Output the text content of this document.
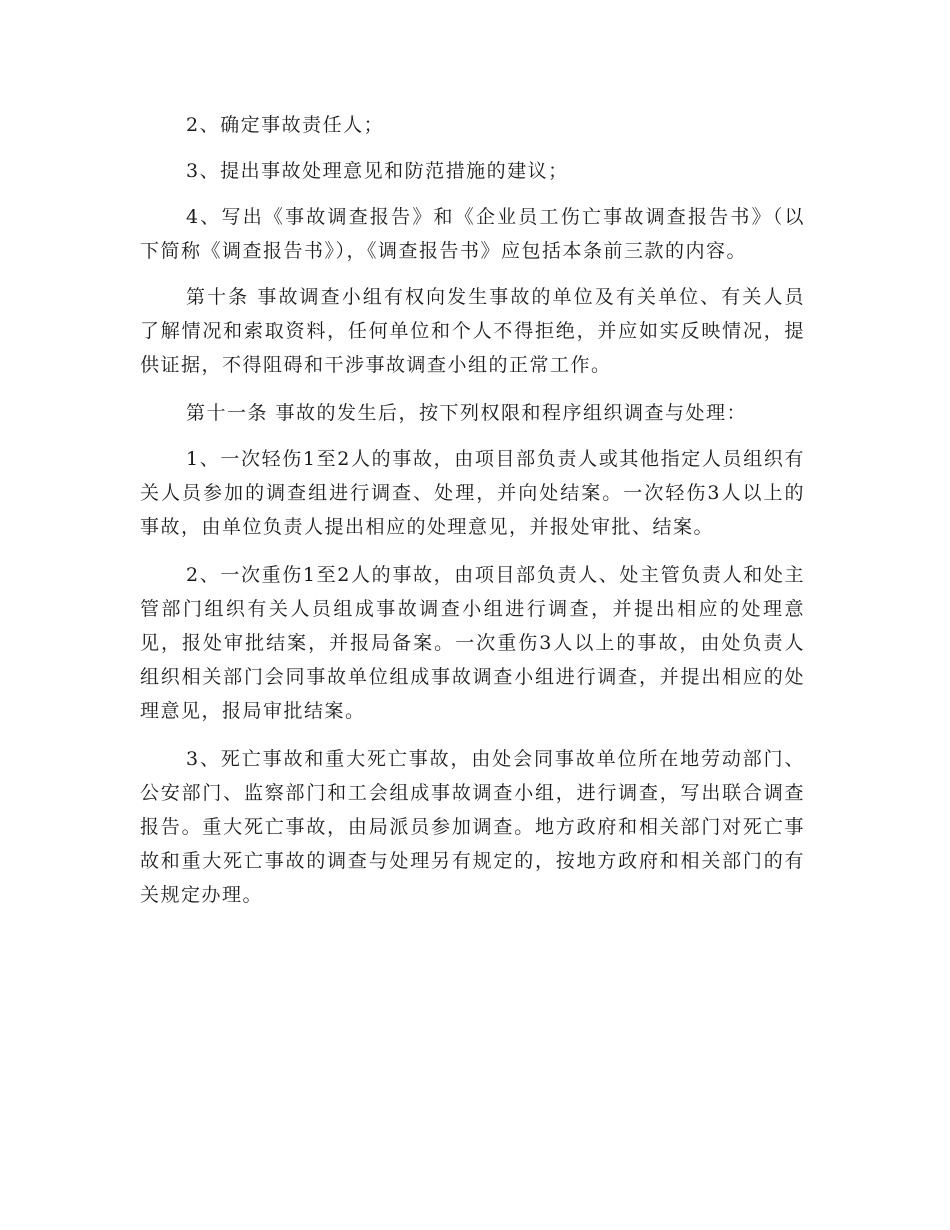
2、确定事故责任人；

3、提出事故处理意见和防范措施的建议；

4、写出《事故调查报告》和《企业员工伤亡事故调查报告书》（以下简称《调查报告书》），《调查报告书》应包括本条前三款的内容。

第十条 事故调查小组有权向发生事故的单位及有关单位、有关人员了解情况和索取资料，任何单位和个人不得拒绝，并应如实反映情况，提供证据，不得阻碍和干涉事故调查小组的正常工作。

第十一条 事故的发生后，按下列权限和程序组织调查与处理：

1、一次轻伤1至2人的事故，由项目部负责人或其他指定人员组织有关人员参加的调查组进行调查、处理，并向处结案。一次轻伤3人以上的事故，由单位负责人提出相应的处理意见，并报处审批、结案。

2、一次重伤1至2人的事故，由项目部负责人、处主管负责人和处主管部门组织有关人员组成事故调查小组进行调查，并提出相应的处理意见，报处审批结案，并报局备案。一次重伤3人以上的事故，由处负责人组织相关部门会同事故单位组成事故调查小组进行调查，并提出相应的处理意见，报局审批结案。

3、死亡事故和重大死亡事故，由处会同事故单位所在地劳动部门、公安部门、监察部门和工会组成事故调查小组，进行调查，写出联合调查报告。重大死亡事故，由局派员参加调查。地方政府和相关部门对死亡事故和重大死亡事故的调查与处理另有规定的，按地方政府和相关部门的有关规定办理。
